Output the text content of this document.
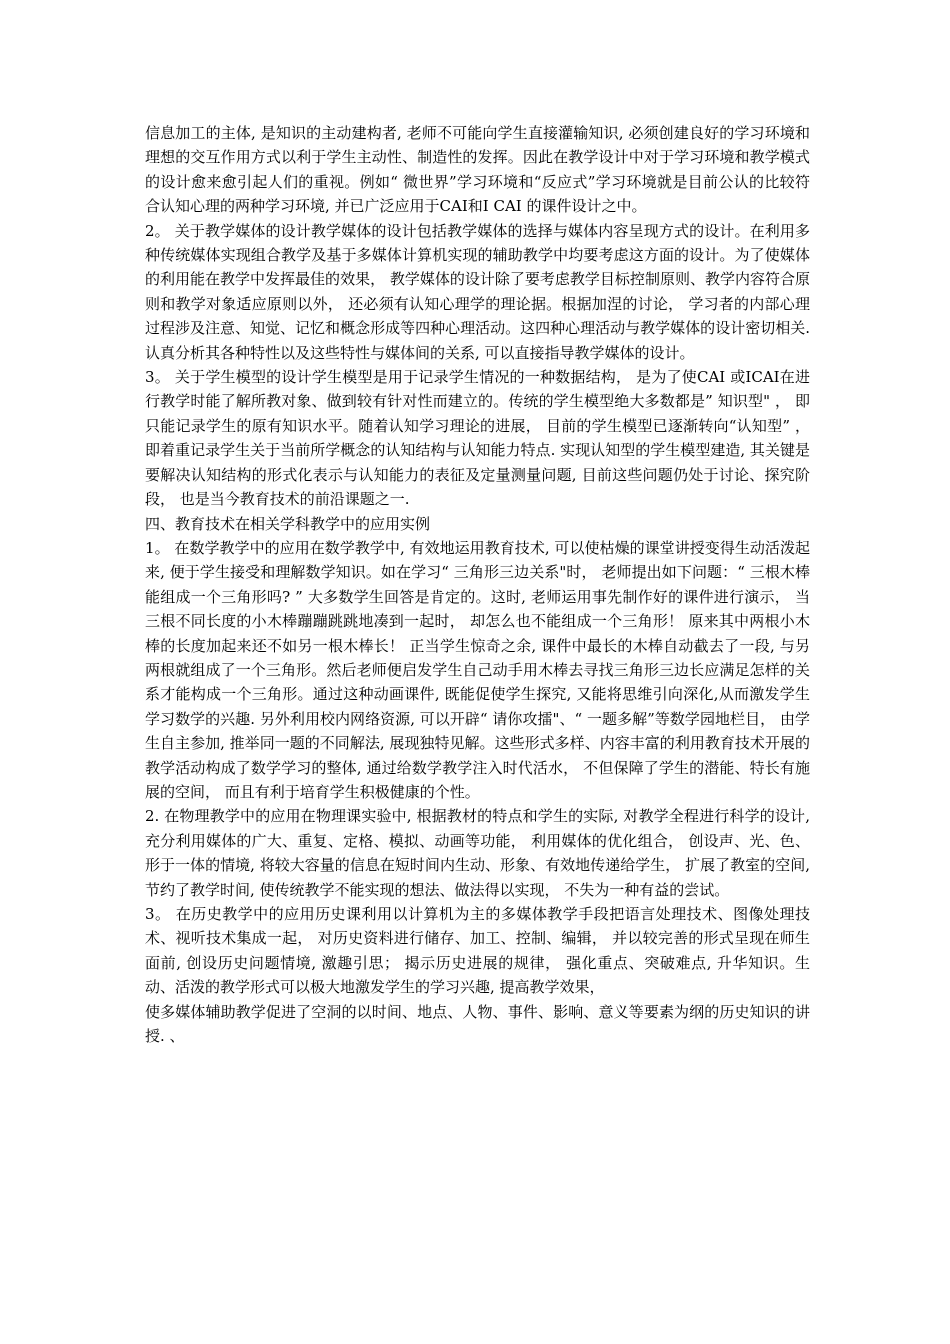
信息加工的主体, 是知识的主动建构者, 老师不可能向学生直接灌输知识, 必须创建良好的学习环境和理想的交互作用方式以利于学生主动性、制造性的发挥。因此在教学设计中对于学习环境和教学模式的设计愈来愈引起人们的重视。例如“ 微世界”学习环境和“反应式”学习环境就是目前公认的比较符合认知心理的两种学习环境, 并已广泛应用于CAI和I CAI 的课件设计之中。

2。 关于教学媒体的设计教学媒体的设计包括教学媒体的选择与媒体内容呈现方式的设计。在利用多种传统媒体实现组合教学及基于多媒体计算机实现的辅助教学中均要考虑这方面的设计。为了使媒体的利用能在教学中发挥最佳的效果， 教学媒体的设计除了要考虑教学目标控制原则、教学内容符合原则和教学对象适应原则以外， 还必须有认知心理学的理论据。根据加涅的讨论， 学习者的内部心理过程涉及注意、知觉、记忆和概念形成等四种心理活动。这四种心理活动与教学媒体的设计密切相关. 认真分析其各种特性以及这些特性与媒体间的关系, 可以直接指导教学媒体的设计。

3。 关于学生模型的设计学生模型是用于记录学生情况的一种数据结构， 是为了使CAI 或ICAI在进行教学时能了解所教对象、做到较有针对性而建立的。传统的学生模型绝大多数都是” 知识型" ， 即只能记录学生的原有知识水平。随着认知学习理论的进展， 目前的学生模型已逐渐转向“认知型” ， 即着重记录学生关于当前所学概念的认知结构与认知能力特点. 实现认知型的学生模型建造, 其关键是要解决认知结构的形式化表示与认知能力的表征及定量测量问题, 目前这些问题仍处于讨论、探究阶段， 也是当今教育技术的前沿课题之一.

四、教育技术在相关学科教学中的应用实例

1。 在数学教学中的应用在数学教学中, 有效地运用教育技术, 可以使枯燥的课堂讲授变得生动活泼起来, 便于学生接受和理解数学知识。如在学习“ 三角形三边关系"时， 老师提出如下问题：“ 三根木棒能组成一个三角形吗? ” 大多数学生回答是肯定的。这时, 老师运用事先制作好的课件进行演示， 当三根不同长度的小木棒蹦蹦跳跳地凑到一起时， 却怎么也不能组成一个三角形！ 原来其中两根小木棒的长度加起来还不如另一根木棒长！ 正当学生惊奇之余, 课件中最长的木棒自动截去了一段, 与另两根就组成了一个三角形。然后老师便启发学生自己动手用木棒去寻找三角形三边长应满足怎样的关系才能构成一个三角形。通过这种动画课件, 既能促使学生探究, 又能将思维引向深化,从而激发学生学习数学的兴趣. 另外利用校内网络资源, 可以开辟“ 请你攻擂"、“ 一题多解”等数学园地栏目， 由学生自主参加, 推举同一题的不同解法, 展现独特见解。这些形式多样、内容丰富的利用教育技术开展的教学活动构成了数学学习的整体, 通过给数学教学注入时代活水， 不但保障了学生的潜能、特长有施展的空间， 而且有利于培育学生积极健康的个性。

2. 在物理教学中的应用在物理课实验中, 根据教材的特点和学生的实际, 对教学全程进行科学的设计, 充分利用媒体的广大、重复、定格、模拟、动画等功能， 利用媒体的优化组合， 创设声、光、色、形于一体的情境, 将较大容量的信息在短时间内生动、形象、有效地传递给学生， 扩展了教室的空间, 节约了教学时间, 使传统教学不能实现的想法、做法得以实现， 不失为一种有益的尝试。

3。 在历史教学中的应用历史课利用以计算机为主的多媒体教学手段把语言处理技术、图像处理技术、视听技术集成一起， 对历史资料进行储存、加工、控制、编辑， 并以较完善的形式呈现在师生面前, 创设历史问题情境, 激趣引思； 揭示历史进展的规律， 强化重点、突破难点, 升华知识。生动、活泼的教学形式可以极大地激发学生的学习兴趣, 提高教学效果，

使多媒体辅助教学促进了空洞的以时间、地点、人物、事件、影响、意义等要素为纲的历史知识的讲授. 、
